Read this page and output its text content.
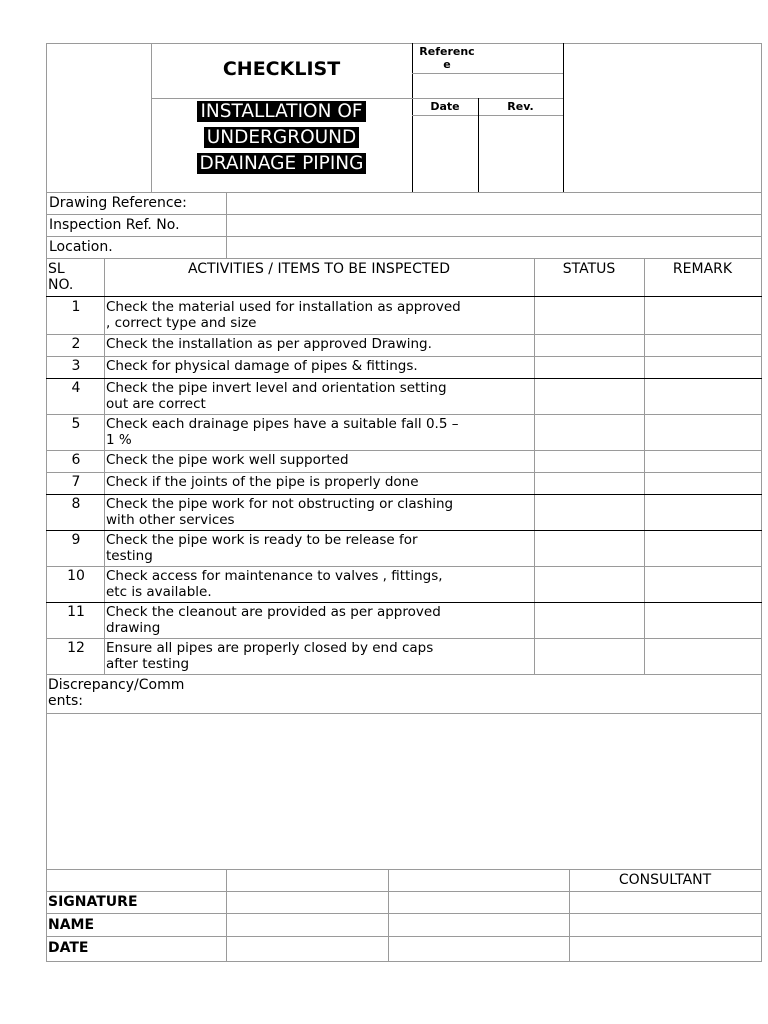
CHECKLIST
INSTALLATION OF
UNDERGROUND
DRAINAGE PIPING
Referenc
e
Date	Rev.
Drawing Reference:
Inspection Ref. No.
Location.
SL
NO.
ACTIVITIES / ITEMS TO BE INSPECTED	STATUS	REMARK
1	Check the material used for installation as approved
, correct type and size
2	Check the installation as per approved Drawing.
3	Check for physical damage of pipes & fittings.
4	Check the pipe invert level and orientation setting
out are correct
5	Check each drainage pipes have a suitable fall 0.5 –
1 %
6	Check the pipe work well supported
7	Check if the joints of the pipe is properly done
8	Check the pipe work for not obstructing or clashing
with other services
9	Check the pipe work is ready to be release for
testing
10	Check access for maintenance to valves , fittings,
etc is available.
11	Check the cleanout are provided as per approved
drawing
12	Ensure all pipes are properly closed by end caps
after testing
Discrepancy/Comm
ents:
CONSULTANT
SIGNATURE
NAME
DATE
